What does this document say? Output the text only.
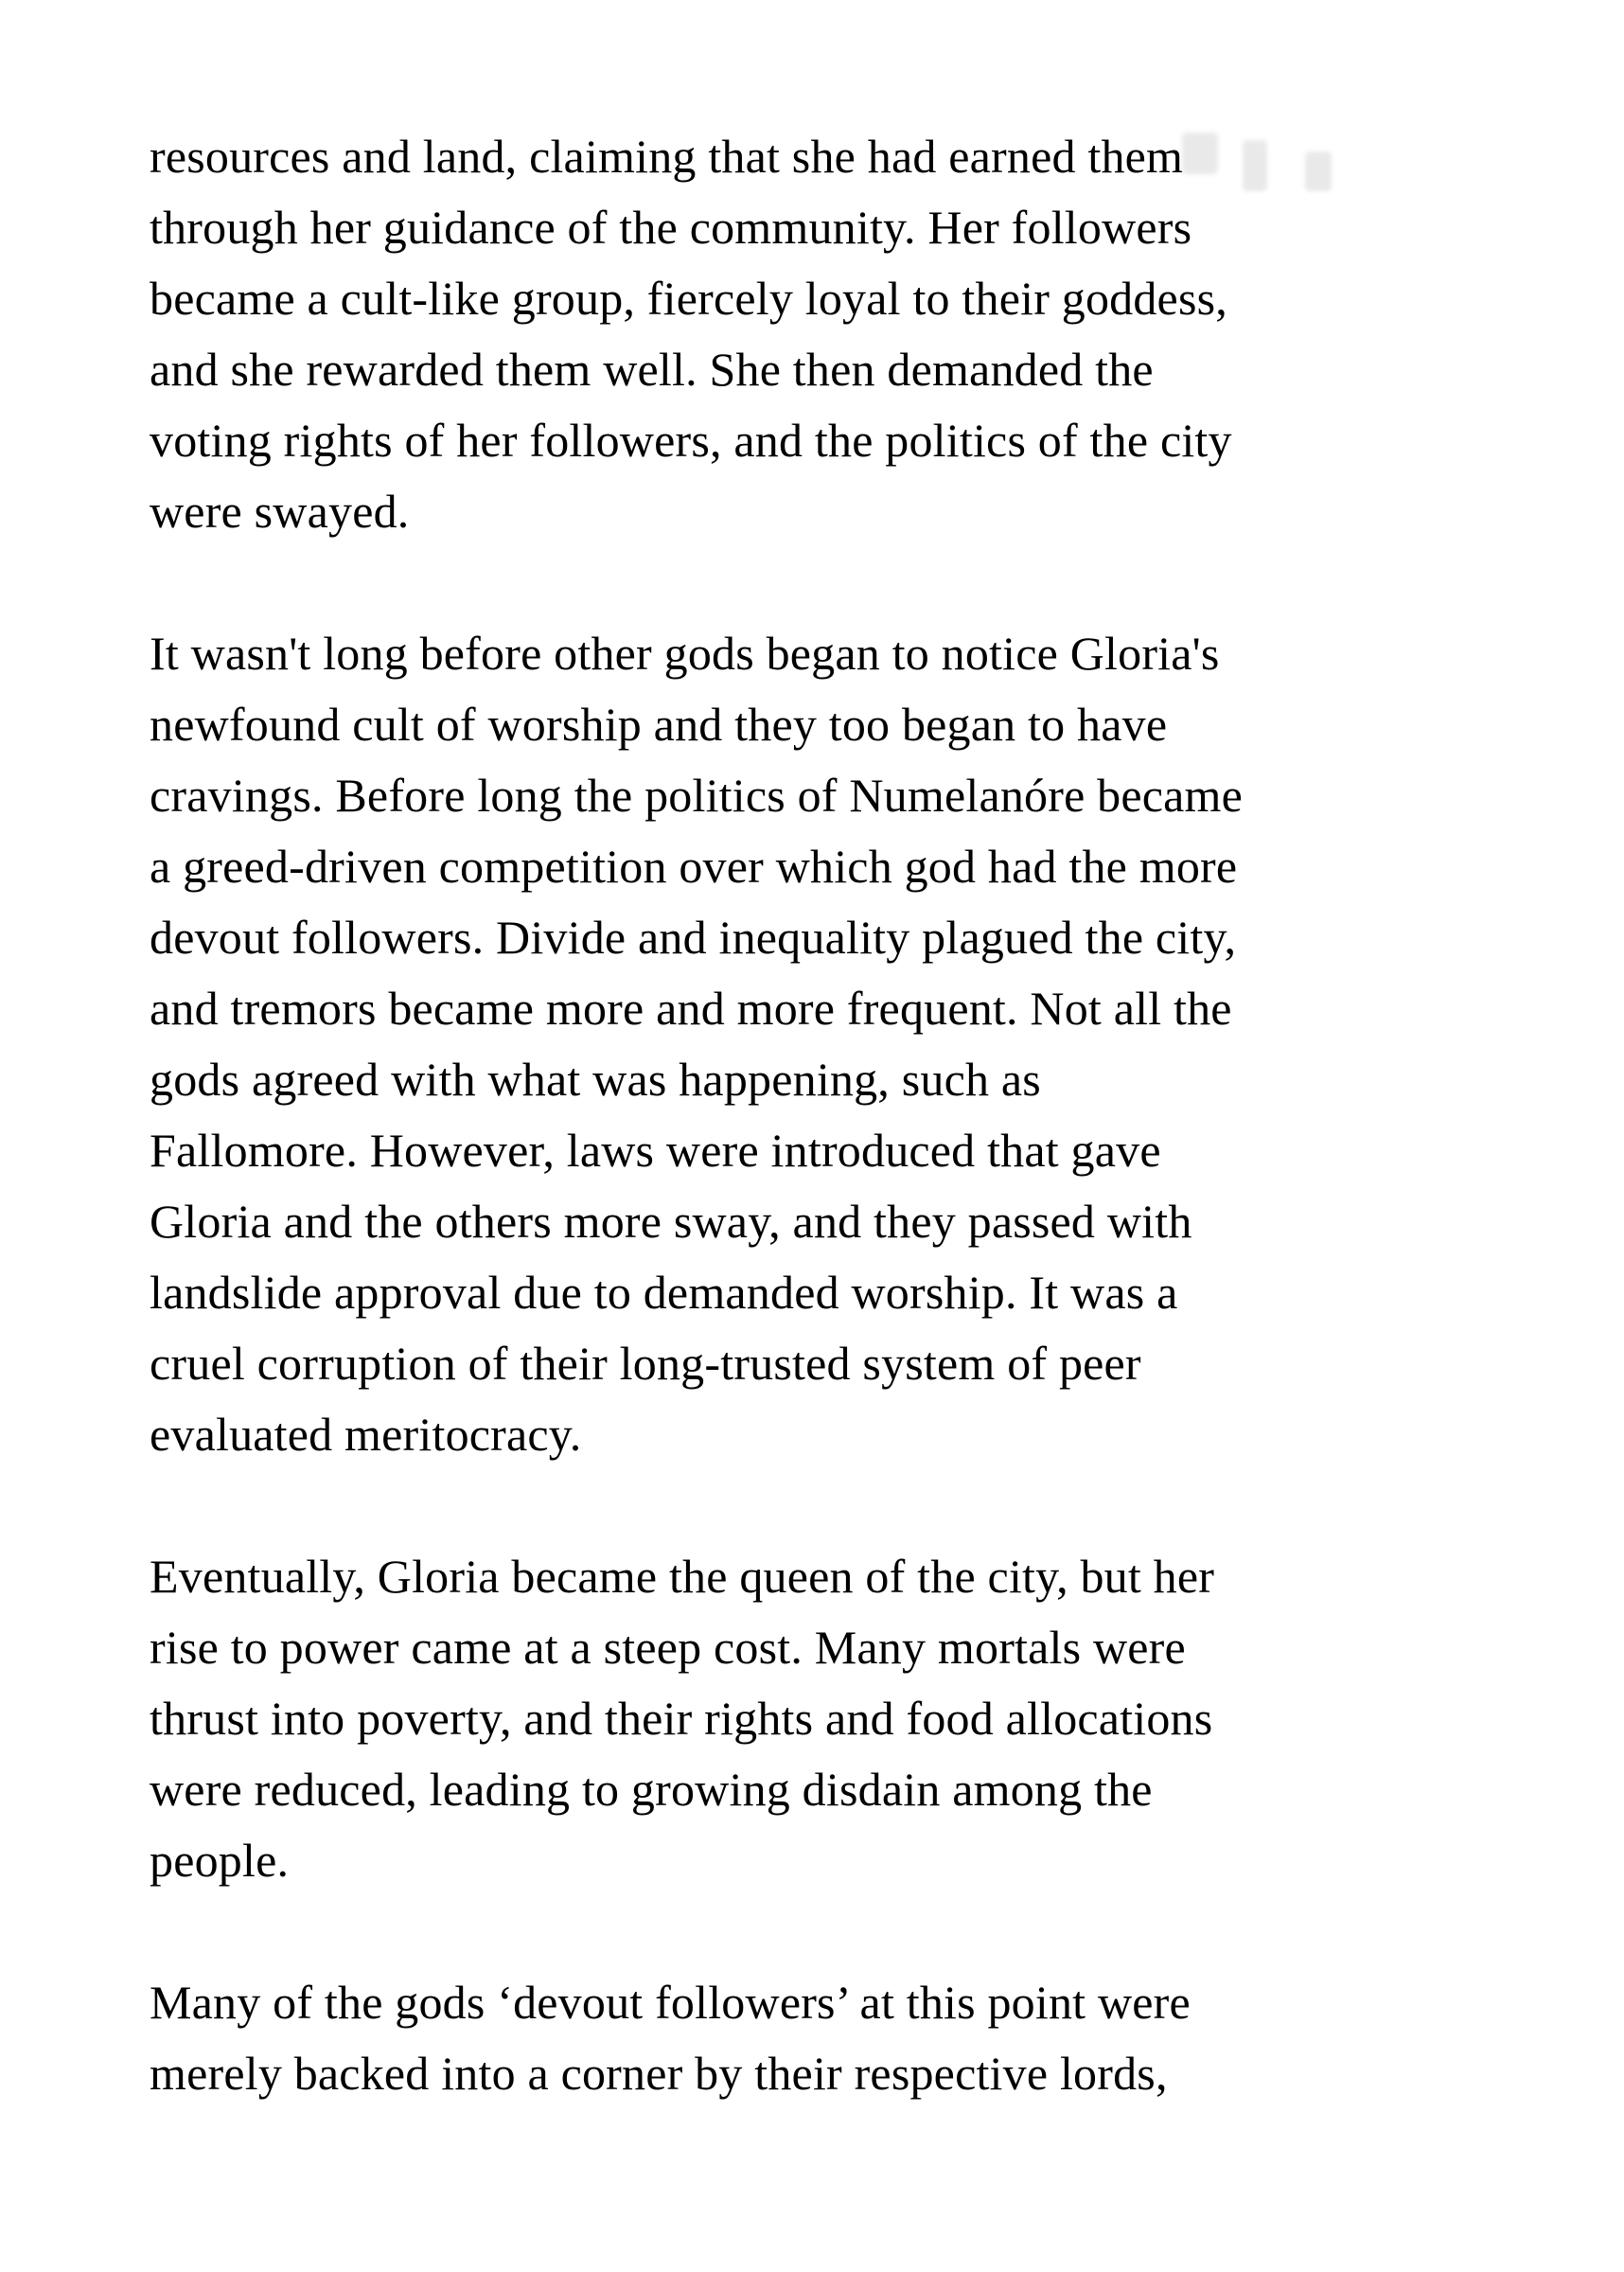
resources and land, claiming that she had earned them
through her guidance of the community. Her followers
became a cult-like group, fiercely loyal to their goddess,
and she rewarded them well. She then demanded the
voting rights of her followers, and the politics of the city
were swayed.
It wasn't long before other gods began to notice Gloria's
newfound cult of worship and they too began to have
cravings. Before long the politics of Numelanóre became
a greed-driven competition over which god had the more
devout followers. Divide and inequality plagued the city,
and tremors became more and more frequent. Not all the
gods agreed with what was happening, such as
Fallomore. However, laws were introduced that gave
Gloria and the others more sway, and they passed with
landslide approval due to demanded worship. It was a
cruel corruption of their long-trusted system of peer
evaluated meritocracy.
Eventually, Gloria became the queen of the city, but her
rise to power came at a steep cost. Many mortals were
thrust into poverty, and their rights and food allocations
were reduced, leading to growing disdain among the
people.
Many of the gods ‘devout followers’ at this point were
merely backed into a corner by their respective lords,
